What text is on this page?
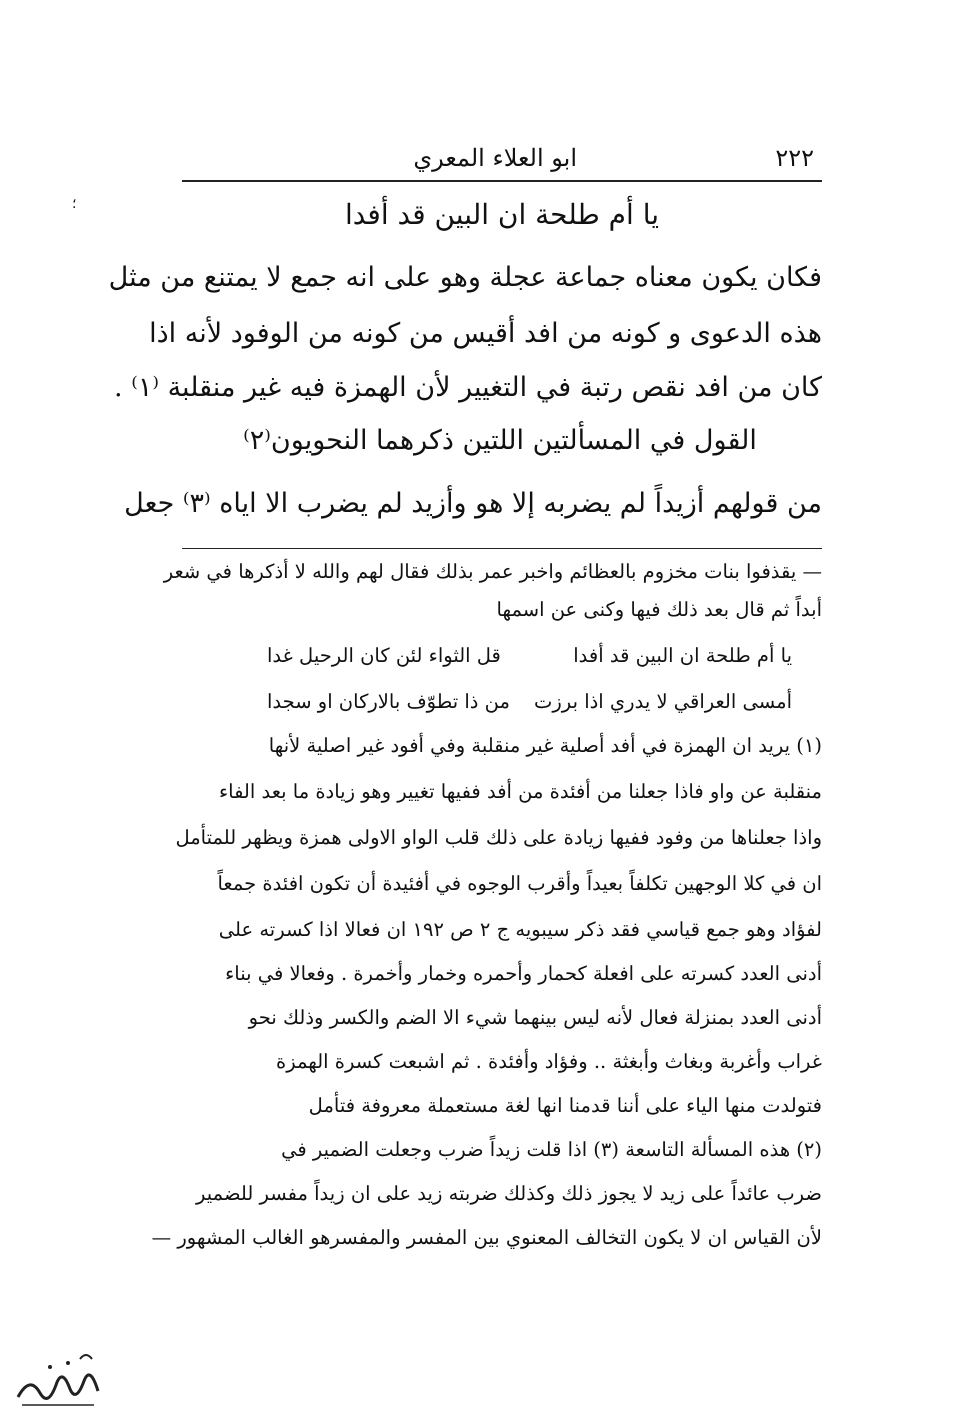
٢٢٢
ابو العلاء المعري
؛	يا أم طلحة ان البين قد أفدا
فكان يكون معناه جماعة عجلة وهو على انه جمع لا يمتنع من مثل
هذه الدعوى و كونه من افد أقيس من كونه من الوفود لأنه اذا
كان من افد نقص رتبة في التغيير لأن الهمزة فيه غير منقلبة ⁽١⁾ .
القول في المسألتين اللتين ذكرهما النحويون⁽٢⁾
من قولهم أزيداً لم يضربه إلا هو وأزيد لم يضرب الا اياه ⁽٣⁾ جعل
— يقذفوا بنات مخزوم بالعظائم واخبر عمر بذلك فقال لهم والله لا أذكرها في شعر
أبداً ثم قال بعد ذلك فيها وكنى عن اسمها
يا أم طلحة ان البين قد أفدا
قل الثواء لئن كان الرحيل غدا
أمسى العراقي لا يدري اذا برزت
من ذا تطوّف بالاركان او سجدا
(١) يريد ان الهمزة في أفد أصلية غير منقلبة وفي أفود غير اصلية لأنها
منقلبة عن واو فاذا جعلنا من أفئدة من أفد ففيها تغيير وهو زيادة ما بعد الفاء
واذا جعلناها من وفود ففيها زيادة على ذلك قلب الواو الاولى همزة ويظهر للمتأمل
ان في كلا الوجهين تكلفاً بعيداً وأقرب الوجوه في أفئيدة أن تكون افئدة جمعاً
لفؤاد وهو جمع قياسي فقد ذكر سيبويه ج ٢ ص ١٩٢ ان فعالا اذا كسرته على
أدنى العدد كسرته على افعلة كحمار وأحمره وخمار وأخمرة . وفعالا في بناء
أدنى العدد بمنزلة فعال لأنه ليس بينهما شيء الا الضم والكسر وذلك نحو
غراب وأغربة وبغاث وأبغثة .. وفؤاد وأفئدة . ثم اشبعت كسرة الهمزة
فتولدت منها الياء على أننا قدمنا انها لغة مستعملة معروفة فتأمل
(٢) هذه المسألة التاسعة (٣) اذا قلت زيداً ضرب وجعلت الضمير في
ضرب عائداً على زيد لا يجوز ذلك وكذلك ضربته زيد على ان زيداً مفسر للضمير
لأن القياس ان لا يكون التخالف المعنوي بين المفسر والمفسرهو الغالب المشهور —
